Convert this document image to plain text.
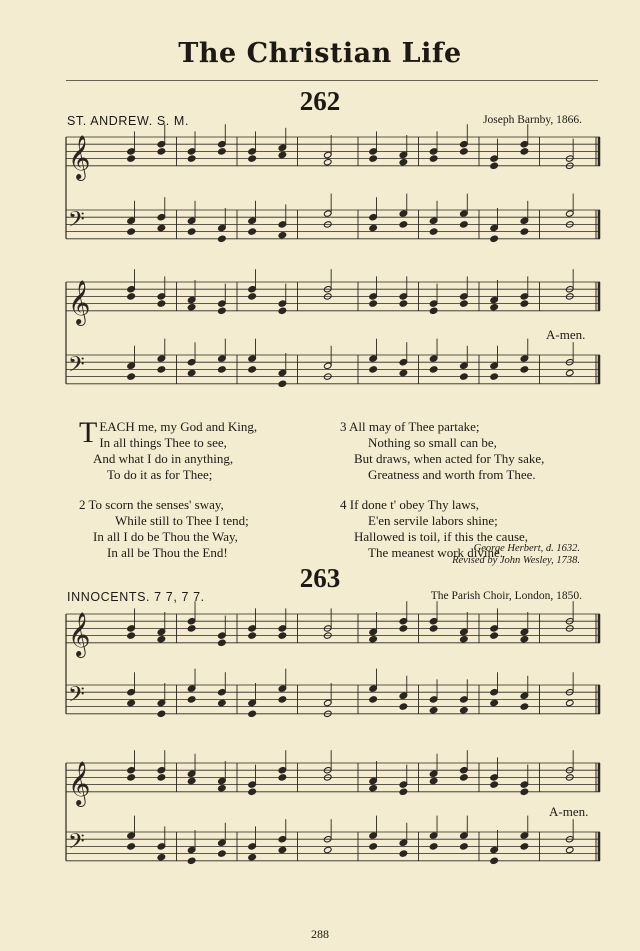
The Christian Life
262
ST. ANDREW. S. M.	Joseph Barnby, 1866.
𝄞
𝄢
𝄞
𝄢
𝄞
𝄢
𝄞
𝄢
A-men.
T EACH me, my God and King,
In all things Thee to see,
And what I do in anything,
To do it as for Thee;
2 To scorn the senses' sway,
While still to Thee I tend;
In all I do be Thou the Way,
In all be Thou the End!
3 All may of Thee partake;
Nothing so small can be,
But draws, when acted for Thy sake,
Greatness and worth from Thee.
4 If done t' obey Thy laws,
E'en servile labors shine;
Hallowed is toil, if this the cause,
The meanest work divine.
George Herbert, d. 1632.
Revised by John Wesley, 1738.
263
INNOCENTS. 7 7, 7 7.	The Parish Choir, London, 1850.
A-men.
288
